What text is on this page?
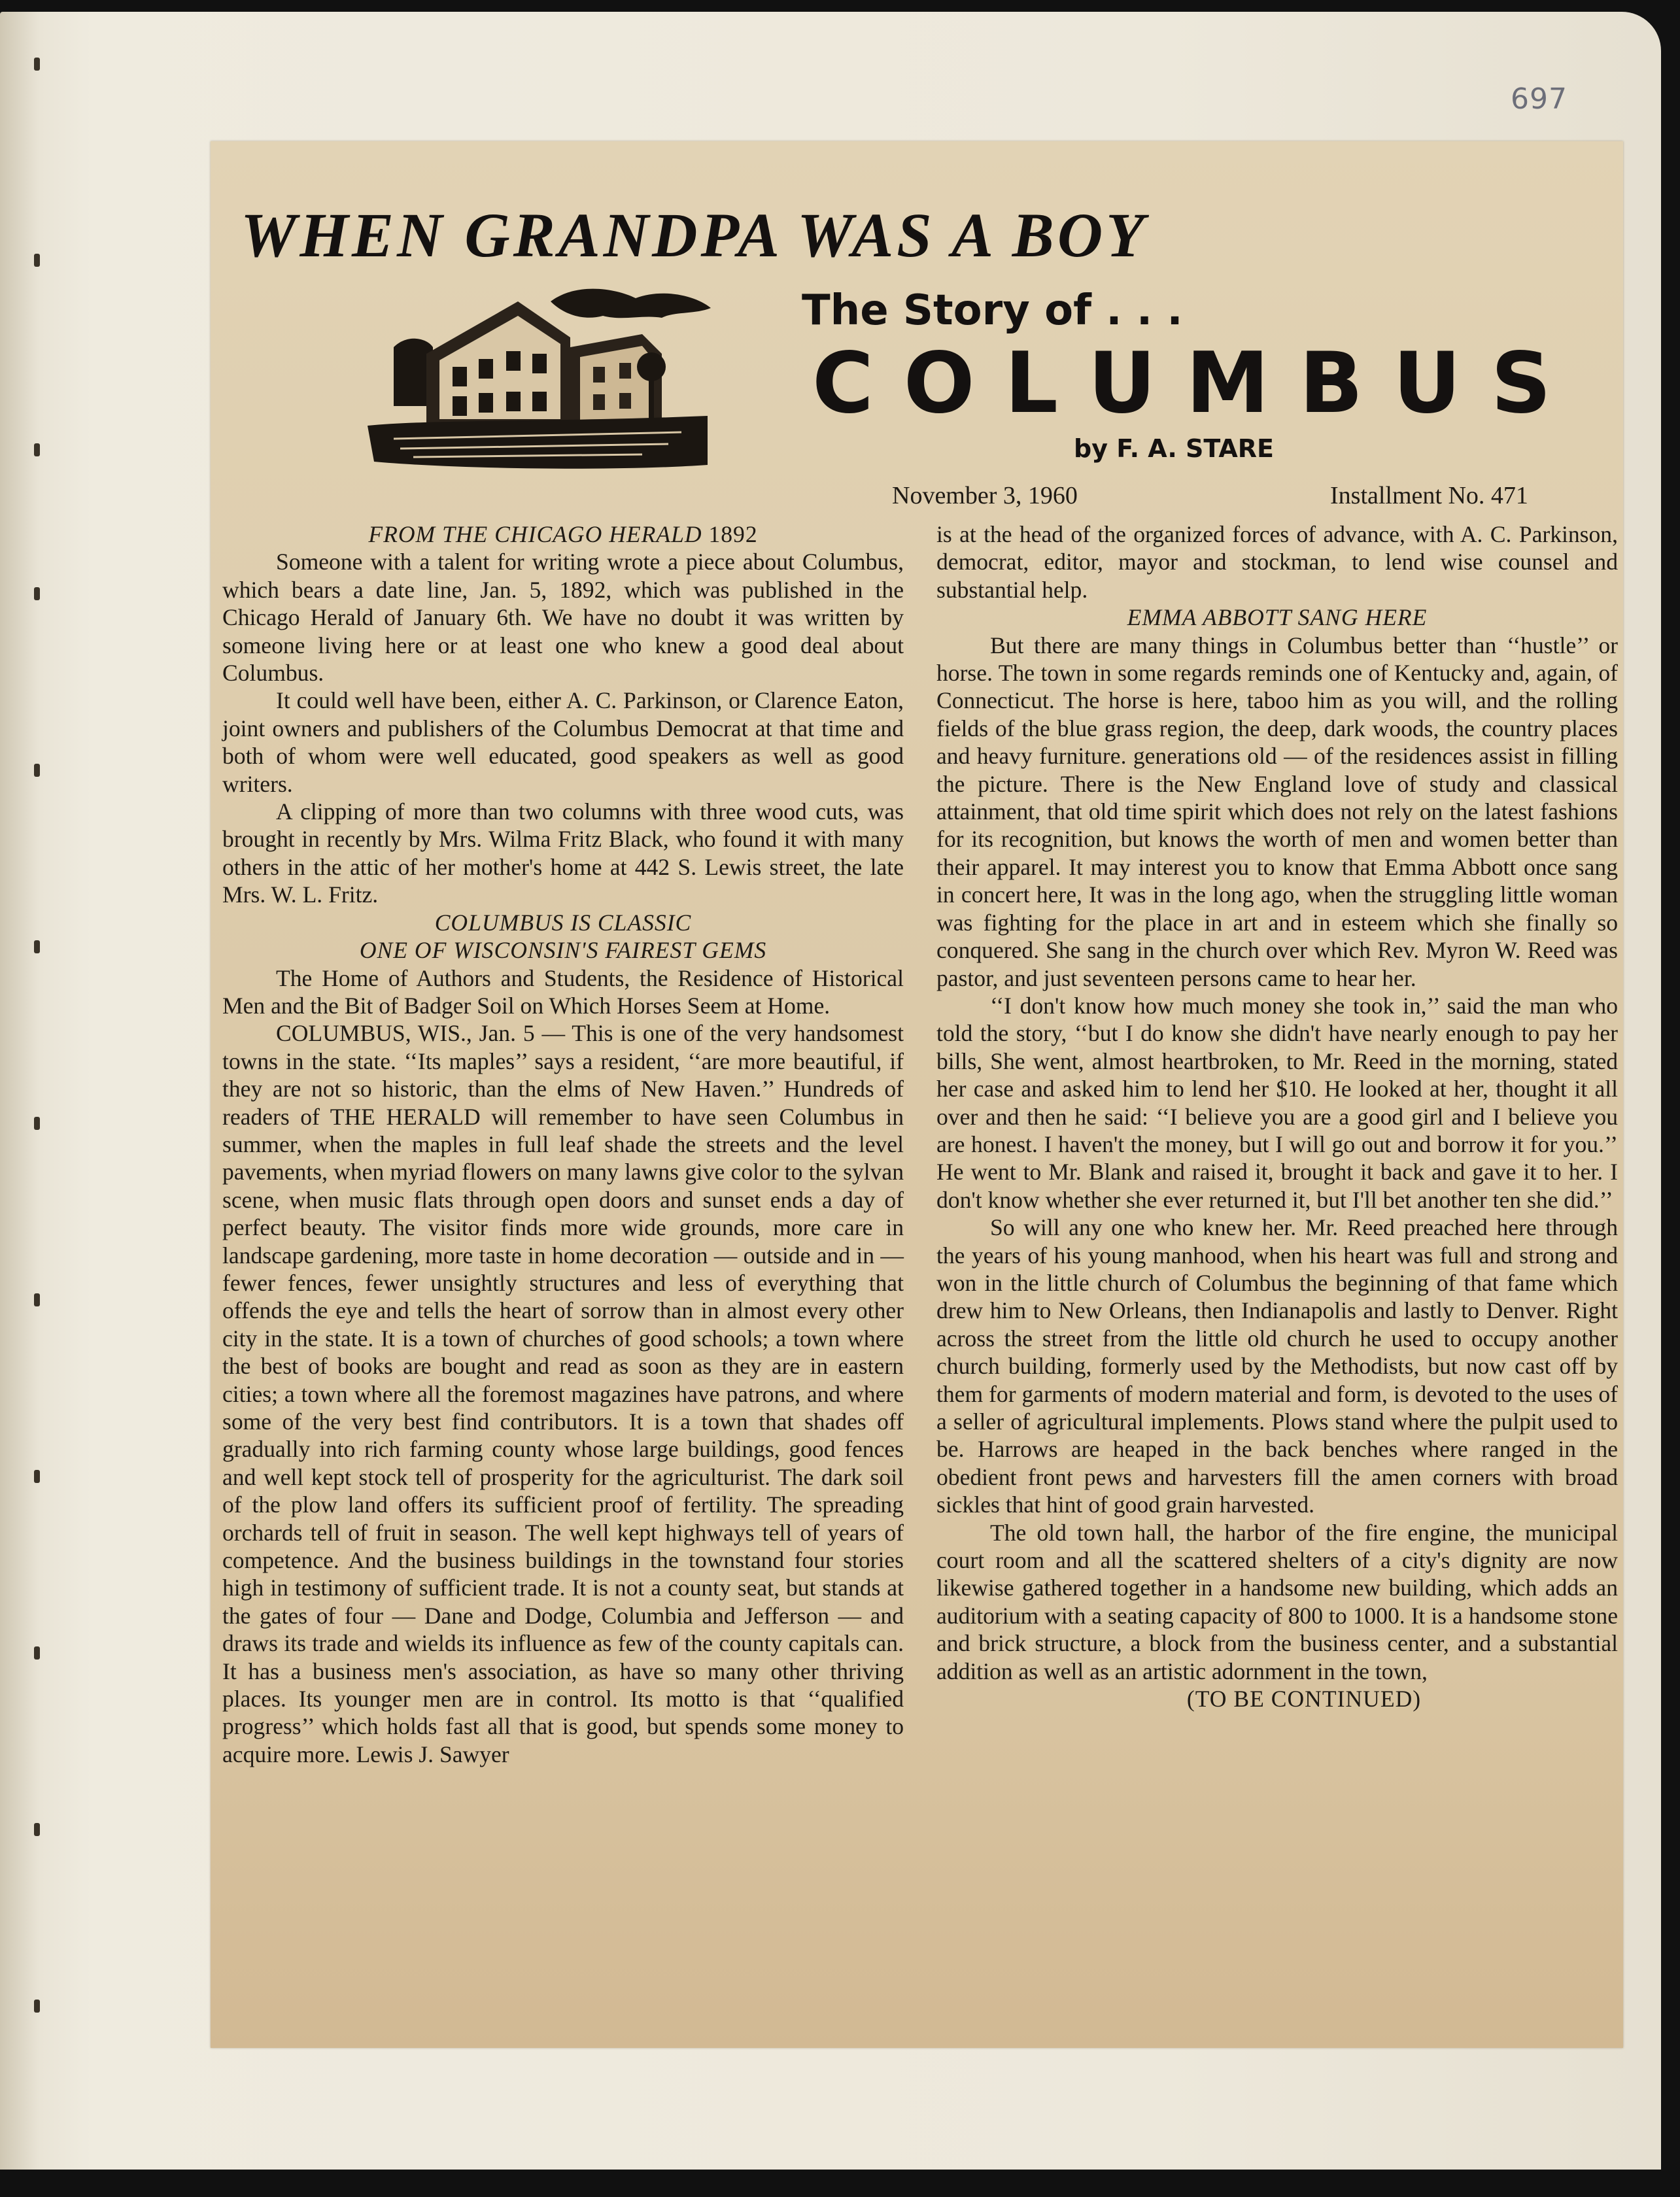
697
WHEN GRANDPA WAS A BOY
The Story of . . .
C O L U M B U S
by F. A. STARE
November 3, 1960	Installment No. 471
FROM THE CHICAGO HERALD 1892

Someone with a talent for writing wrote a piece about Columbus, which bears a date line, Jan. 5, 1892, which was published in the Chicago Herald of January 6th. We have no doubt it was written by someone living here or at least one who knew a good deal about Columbus.

It could well have been, either A. C. Parkinson, or Clarence Eaton, joint owners and publishers of the Columbus Democrat at that time and both of whom were well educated, good speakers as well as good writers.

A clipping of more than two columns with three wood cuts, was brought in recently by Mrs. Wilma Fritz Black, who found it with many others in the attic of her mother's home at 442 S. Lewis street, the late Mrs. W. L. Fritz.

COLUMBUS IS CLASSIC
ONE OF WISCONSIN'S FAIREST GEMS

The Home of Authors and Students, the Residence of Historical Men and the Bit of Badger Soil on Which Horses Seem at Home.

COLUMBUS, WIS., Jan. 5 — This is one of the very handsomest towns in the state. ‘‘Its maples’’ says a resident, ‘‘are more beautiful, if they are not so historic, than the elms of New Haven.’’ Hundreds of readers of THE HERALD will remember to have seen Columbus in summer, when the maples in full leaf shade the streets and the level pavements, when myriad flowers on many lawns give color to the sylvan scene, when music flats through open doors and sunset ends a day of perfect beauty. The visitor finds more wide grounds, more care in landscape gardening, more taste in home decoration — outside and in — fewer fences, fewer unsightly structures and less of everything that offends the eye and tells the heart of sorrow than in almost every other city in the state. It is a town of churches of good schools; a town where the best of books are bought and read as soon as they are in eastern cities; a town where all the foremost magazines have patrons, and where some of the very best find contributors. It is a town that shades off gradually into rich farming county whose large buildings, good fences and well kept stock tell of prosperity for the agriculturist. The dark soil of the plow land offers its sufficient proof of fertility. The spreading orchards tell of fruit in season. The well kept highways tell of years of competence. And the business buildings in the townstand four stories high in testimony of sufficient trade. It is not a county seat, but stands at the gates of four — Dane and Dodge, Columbia and Jefferson — and draws its trade and wields its influence as few of the county capitals can. It has a business men's association, as have so many other thriving places. Its younger men are in control. Its motto is that ‘‘qualified progress’’ which holds fast all that is good, but spends some money to acquire more. Lewis J. Sawyer

is at the head of the organized forces of advance, with A. C. Parkinson, democrat, editor, mayor and stockman, to lend wise counsel and substantial help.

EMMA ABBOTT SANG HERE

But there are many things in Columbus better than ‘‘hustle’’ or horse. The town in some regards reminds one of Kentucky and, again, of Connecticut. The horse is here, taboo him as you will, and the rolling fields of the blue grass region, the deep, dark woods, the country places and heavy furniture. generations old — of the residences assist in filling the picture. There is the New England love of study and classical attainment, that old time spirit which does not rely on the latest fashions for its recognition, but knows the worth of men and women better than their apparel. It may interest you to know that Emma Abbott once sang in concert here, It was in the long ago, when the struggling little woman was fighting for the place in art and in esteem which she finally so conquered. She sang in the church over which Rev. Myron W. Reed was pastor, and just seventeen persons came to hear her.

‘‘I don't know how much money she took in,’’ said the man who told the story, ‘‘but I do know she didn't have nearly enough to pay her bills, She went, almost heartbroken, to Mr. Reed in the morning, stated her case and asked him to lend her $10. He looked at her, thought it all over and then he said: ‘‘I believe you are a good girl and I believe you are honest. I haven't the money, but I will go out and borrow it for you.’’ He went to Mr. Blank and raised it, brought it back and gave it to her. I don't know whether she ever returned it, but I'll bet another ten she did.’’

So will any one who knew her. Mr. Reed preached here through the years of his young manhood, when his heart was full and strong and won in the little church of Columbus the beginning of that fame which drew him to New Orleans, then Indianapolis and lastly to Denver. Right across the street from the little old church he used to occupy another church building, formerly used by the Methodists, but now cast off by them for garments of modern material and form, is devoted to the uses of a seller of agricultural implements. Plows stand where the pulpit used to be. Harrows are heaped in the back benches where ranged in the obedient front pews and harvesters fill the amen corners with broad sickles that hint of good grain harvested.

The old town hall, the harbor of the fire engine, the municipal court room and all the scattered shelters of a city's dignity are now likewise gathered together in a handsome new building, which adds an auditorium with a seating capacity of 800 to 1000. It is a handsome stone and brick structure, a block from the business center, and a substantial addition as well as an artistic adornment in the town,

(TO BE CONTINUED)
